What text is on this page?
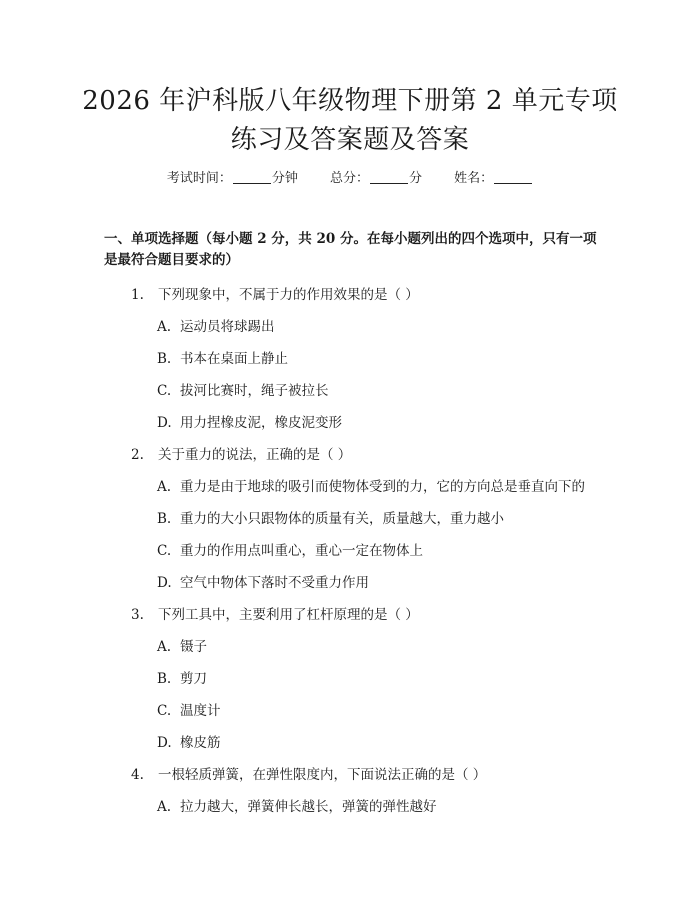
2026 年沪科版八年级物理下册第 2 单元专项
练习及答案题及答案
考试时间：	分钟 总分：	分 姓名：
一、单项选择题（每小题 2 分，共 20 分。在每小题列出的四个选项中，只有一项
是最符合题目要求的）
1. 下列现象中，不属于力的作用效果的是（ ）
A. 运动员将球踢出
B. 书本在桌面上静止
C. 拔河比赛时，绳子被拉长
D. 用力捏橡皮泥，橡皮泥变形
2. 关于重力的说法，正确的是（ ）
A. 重力是由于地球的吸引而使物体受到的力，它的方向总是垂直向下的
B. 重力的大小只跟物体的质量有关，质量越大，重力越小
C. 重力的作用点叫重心，重心一定在物体上
D. 空气中物体下落时不受重力作用
3. 下列工具中，主要利用了杠杆原理的是（ ）
A. 镊子
B. 剪刀
C. 温度计
D. 橡皮筋
4. 一根轻质弹簧，在弹性限度内，下面说法正确的是（ ）
A. 拉力越大，弹簧伸长越长，弹簧的弹性越好
